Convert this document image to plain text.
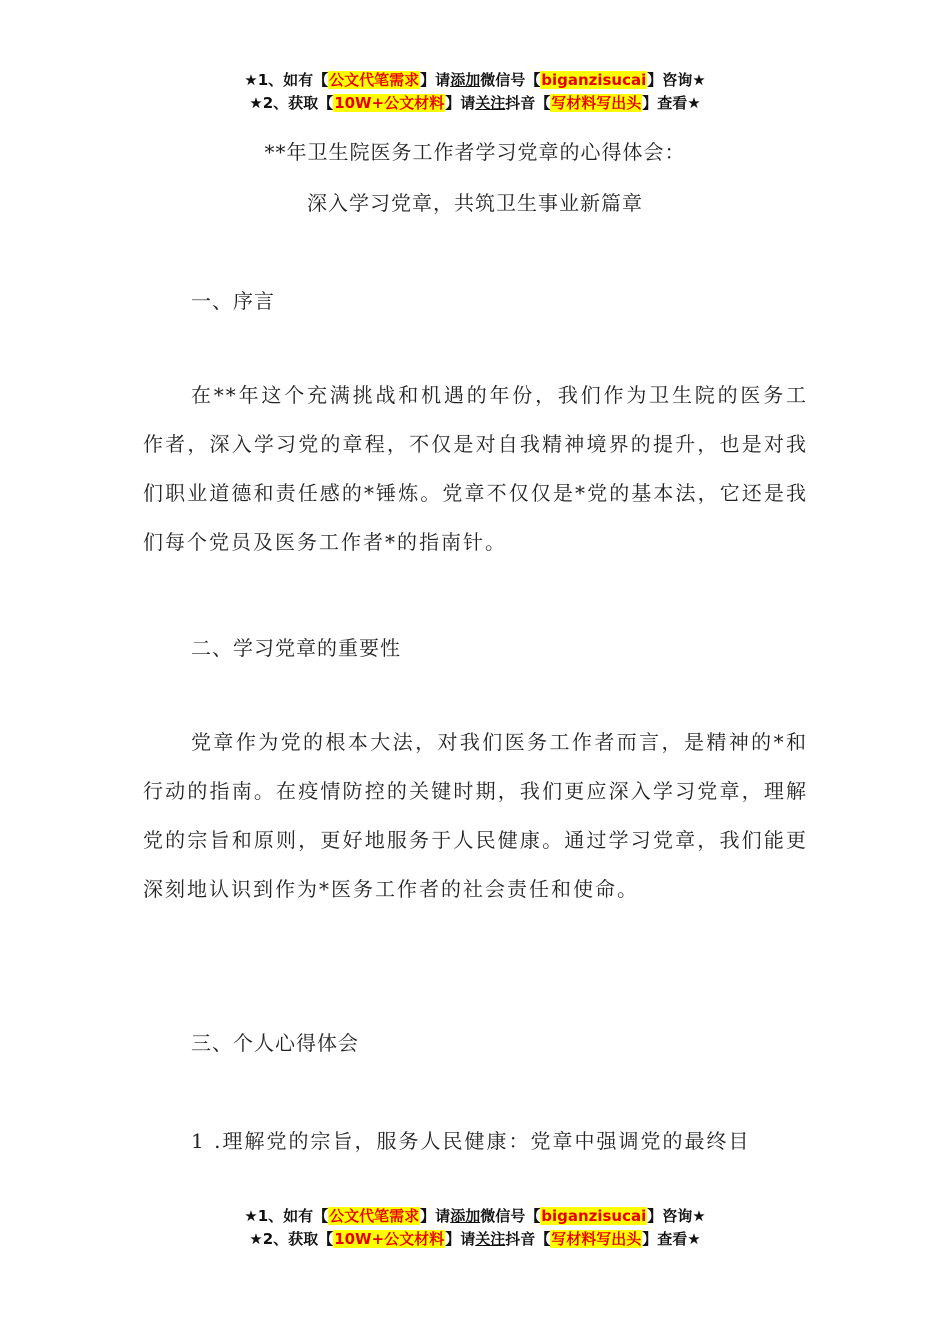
★1、如有【公文代笔需求】请添加微信号【biganzisucai】咨询★
★2、获取【10W+公文材料】请关注抖音【写材料写出头】查看★
**年卫生院医务工作者学习党章的心得体会：
深入学习党章，共筑卫生事业新篇章
一、序言

在**年这个充满挑战和机遇的年份，我们作为卫生院的医务工作者，深入学习党的章程，不仅是对自我精神境界的提升，也是对我们职业道德和责任感的*锤炼。党章不仅仅是*党的基本法，它还是我们每个党员及医务工作者*的指南针。

二、学习党章的重要性

党章作为党的根本大法，对我们医务工作者而言，是精神的*和行动的指南。在疫情防控的关键时期，我们更应深入学习党章，理解党的宗旨和原则，更好地服务于人民健康。通过学习党章，我们能更深刻地认识到作为*医务工作者的社会责任和使命。

三、个人心得体会

1 .理解党的宗旨，服务人民健康：党章中强调党的最终目

★1、如有【公文代笔需求】请添加微信号【biganzisucai】咨询★
★2、获取【10W+公文材料】请关注抖音【写材料写出头】查看★
